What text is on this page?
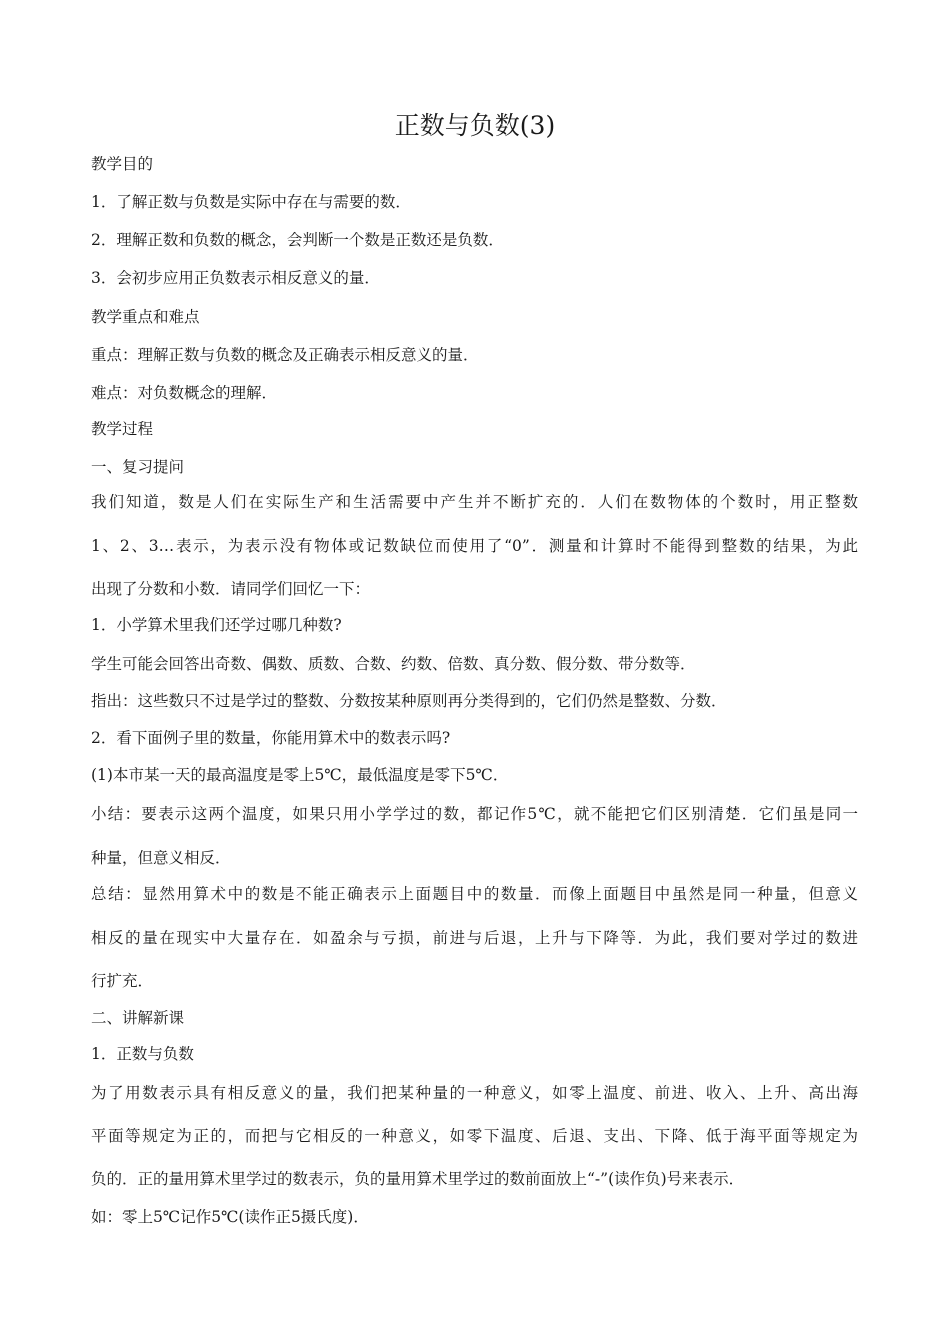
正数与负数(3)
教学目的
1．了解正数与负数是实际中存在与需要的数．
2．理解正数和负数的概念，会判断一个数是正数还是负数．
3．会初步应用正负数表示相反意义的量．
教学重点和难点
重点：理解正数与负数的概念及正确表示相反意义的量．
难点：对负数概念的理解．
教学过程
一、复习提问
我们知道，数是人们在实际生产和生活需要中产生并不断扩充的．人们在数物体的个数时，用正整数
1、2、3…表示，为表示没有物体或记数缺位而使用了“0”．测量和计算时不能得到整数的结果，为此
出现了分数和小数．请同学们回忆一下：
1．小学算术里我们还学过哪几种数?
学生可能会回答出奇数、偶数、质数、合数、约数、倍数、真分数、假分数、带分数等．
指出：这些数只不过是学过的整数、分数按某种原则再分类得到的，它们仍然是整数、分数．
2．看下面例子里的数量，你能用算术中的数表示吗?
(1)本市某一天的最高温度是零上5℃，最低温度是零下5℃．
小结：要表示这两个温度，如果只用小学学过的数，都记作5℃，就不能把它们区别清楚．它们虽是同一
种量，但意义相反．
总结：显然用算术中的数是不能正确表示上面题目中的数量．而像上面题目中虽然是同一种量，但意义
相反的量在现实中大量存在．如盈余与亏损，前进与后退，上升与下降等．为此，我们要对学过的数进
行扩充．
二、讲解新课
1．正数与负数
为了用数表示具有相反意义的量，我们把某种量的一种意义，如零上温度、前进、收入、上升、高出海
平面等规定为正的，而把与它相反的一种意义，如零下温度、后退、支出、下降、低于海平面等规定为
负的．正的量用算术里学过的数表示，负的量用算术里学过的数前面放上“-”(读作负)号来表示．
如：零上5℃记作5℃(读作正5摄氏度)．
